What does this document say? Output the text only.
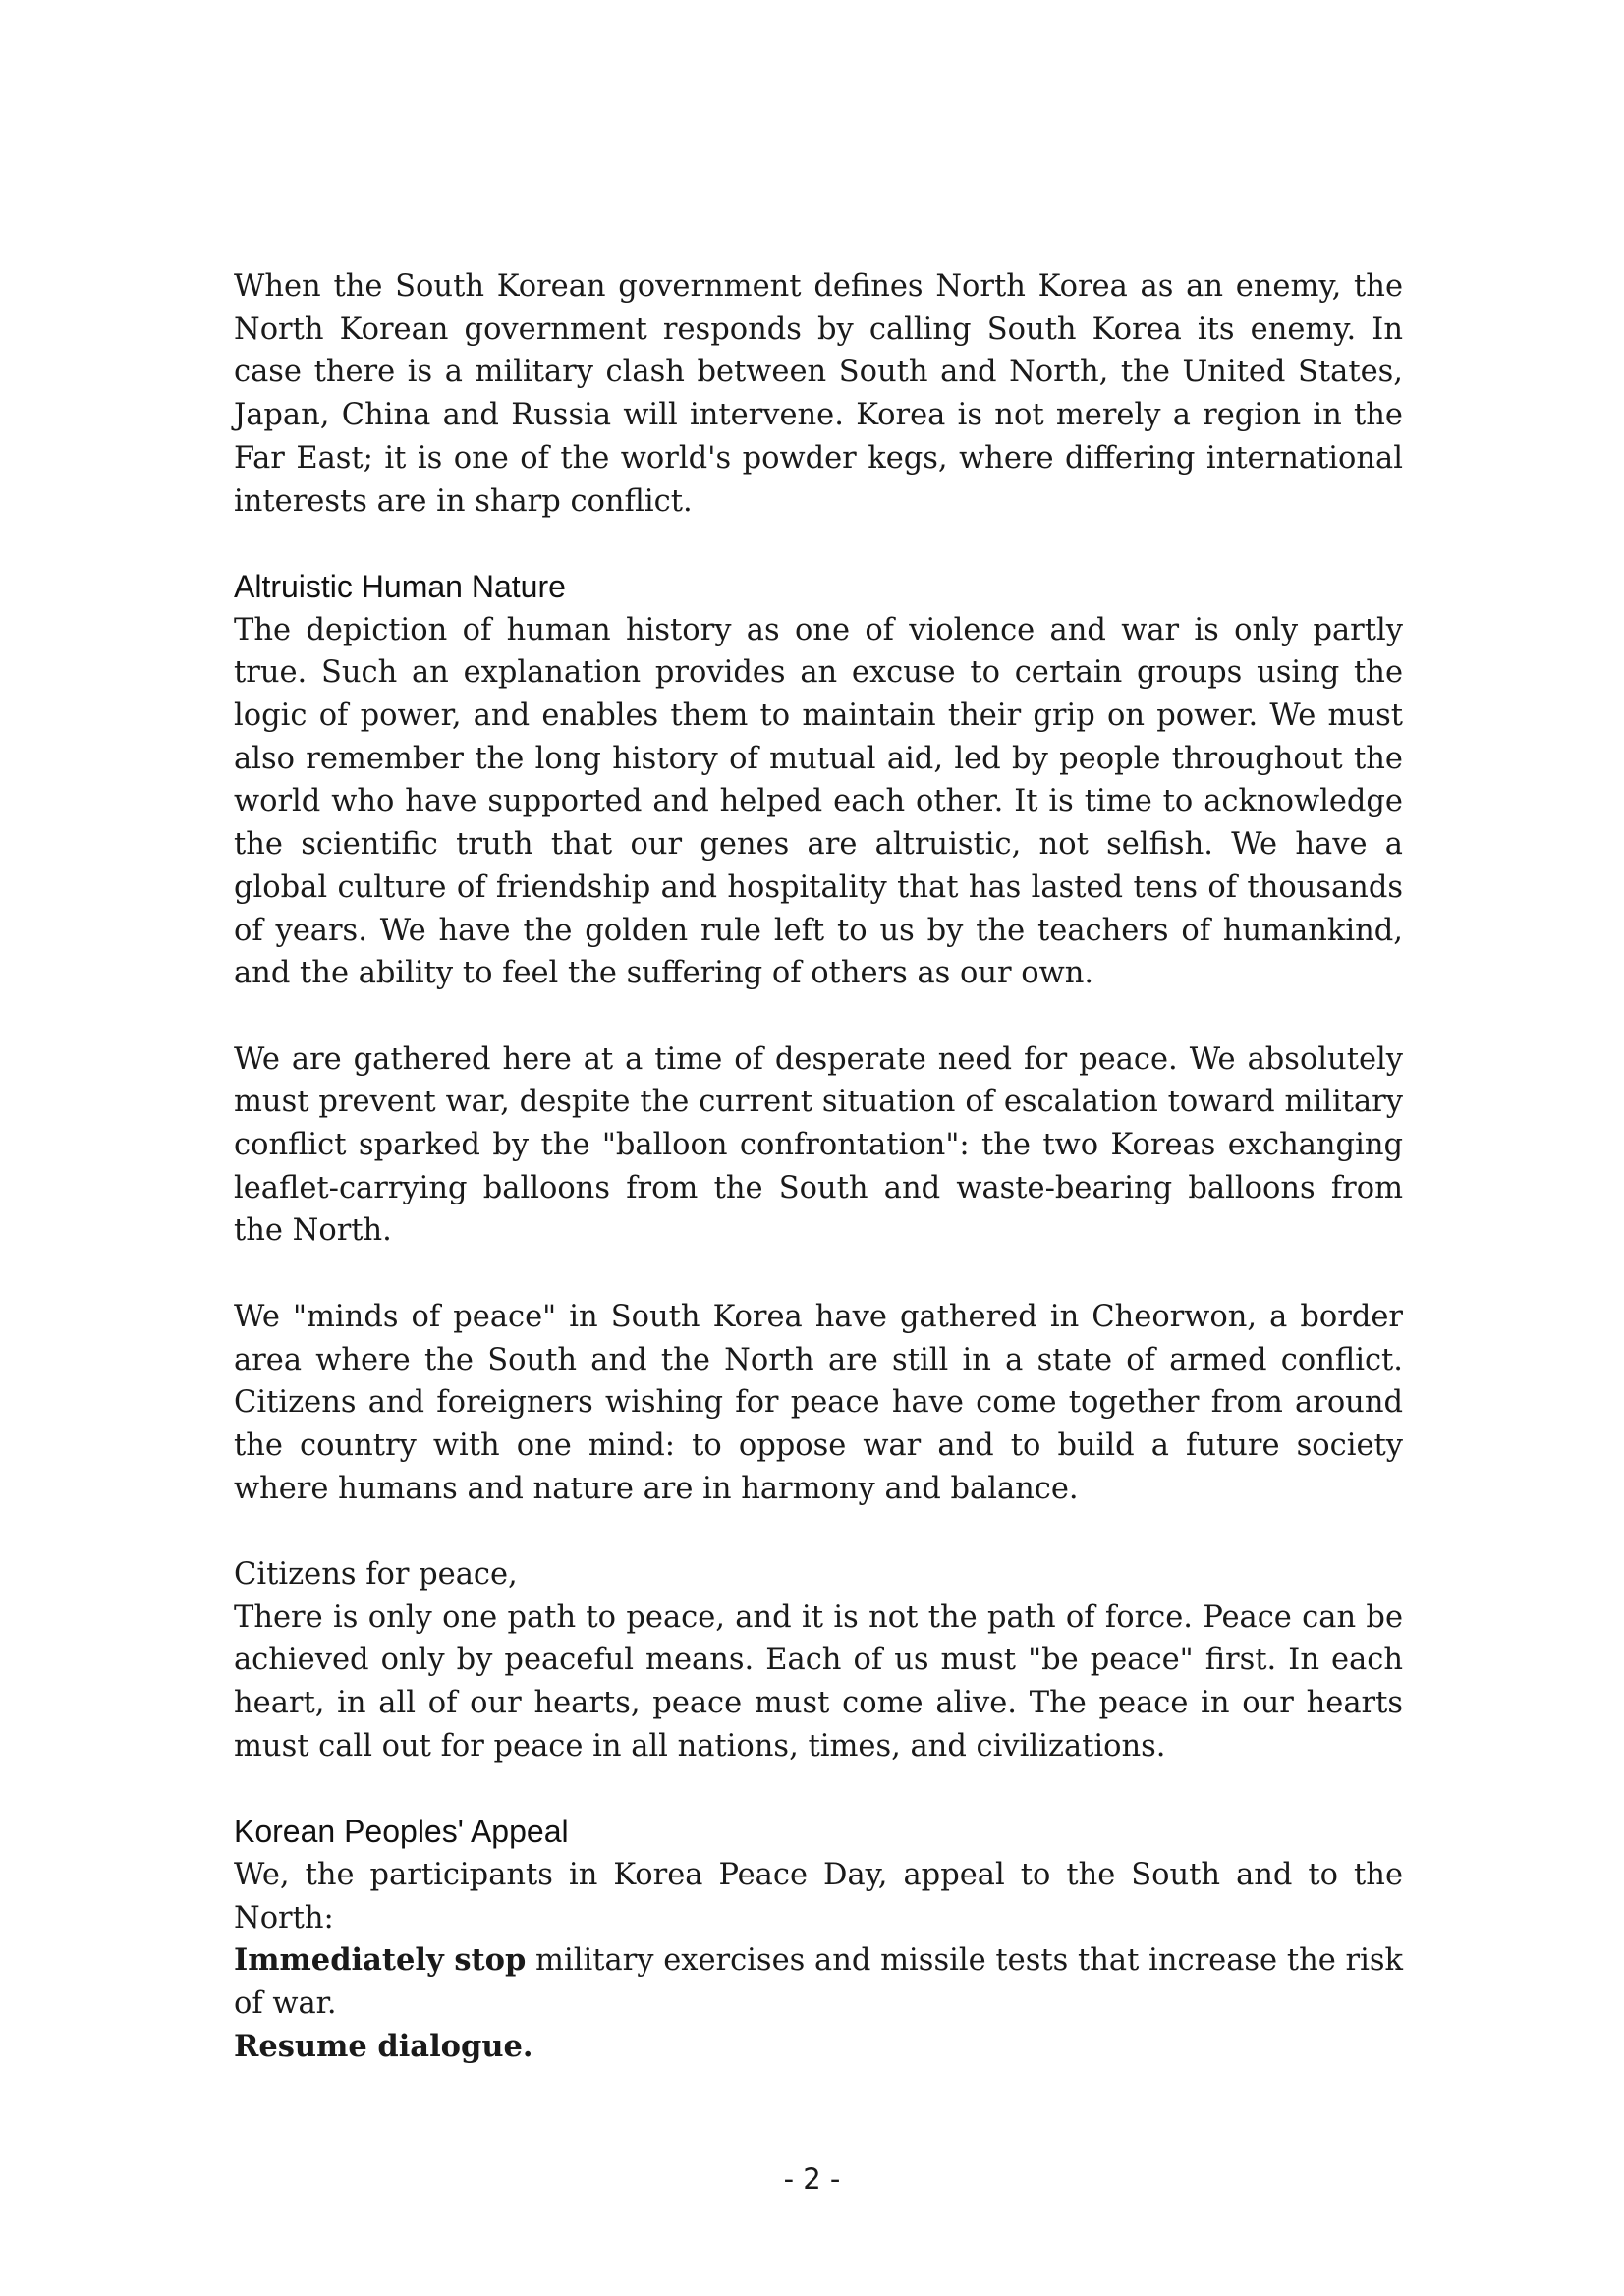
When the South Korean government defines North Korea as an enemy, the North Korean government responds by calling South Korea its enemy. In case there is a military clash between South and North, the United States, Japan, China and Russia will intervene. Korea is not merely a region in the Far East; it is one of the world's powder kegs, where differing international interests are in sharp conflict.

Altruistic Human Nature

The depiction of human history as one of violence and war is only partly true. Such an explanation provides an excuse to certain groups using the logic of power, and enables them to maintain their grip on power. We must also remember the long history of mutual aid, led by people throughout the world who have supported and helped each other. It is time to acknowledge the scientific truth that our genes are altruistic, not selfish. We have a global culture of friendship and hospitality that has lasted tens of thousands of years. We have the golden rule left to us by the teachers of humankind, and the ability to feel the suffering of others as our own.

We are gathered here at a time of desperate need for peace. We absolutely must prevent war, despite the current situation of escalation toward military conflict sparked by the "balloon confrontation": the two Koreas exchanging leaflet-carrying balloons from the South and waste-bearing balloons from the North.

We "minds of peace" in South Korea have gathered in Cheorwon, a border area where the South and the North are still in a state of armed conflict. Citizens and foreigners wishing for peace have come together from around the country with one mind: to oppose war and to build a future society where humans and nature are in harmony and balance.

Citizens for peace,

There is only one path to peace, and it is not the path of force. Peace can be achieved only by peaceful means. Each of us must "be peace" first. In each heart, in all of our hearts, peace must come alive. The peace in our hearts must call out for peace in all nations, times, and civilizations.

Korean Peoples' Appeal

We, the participants in Korea Peace Day, appeal to the South and to the North:

Immediately stop military exercises and missile tests that increase the risk of war.

Resume dialogue.

- 2 -
